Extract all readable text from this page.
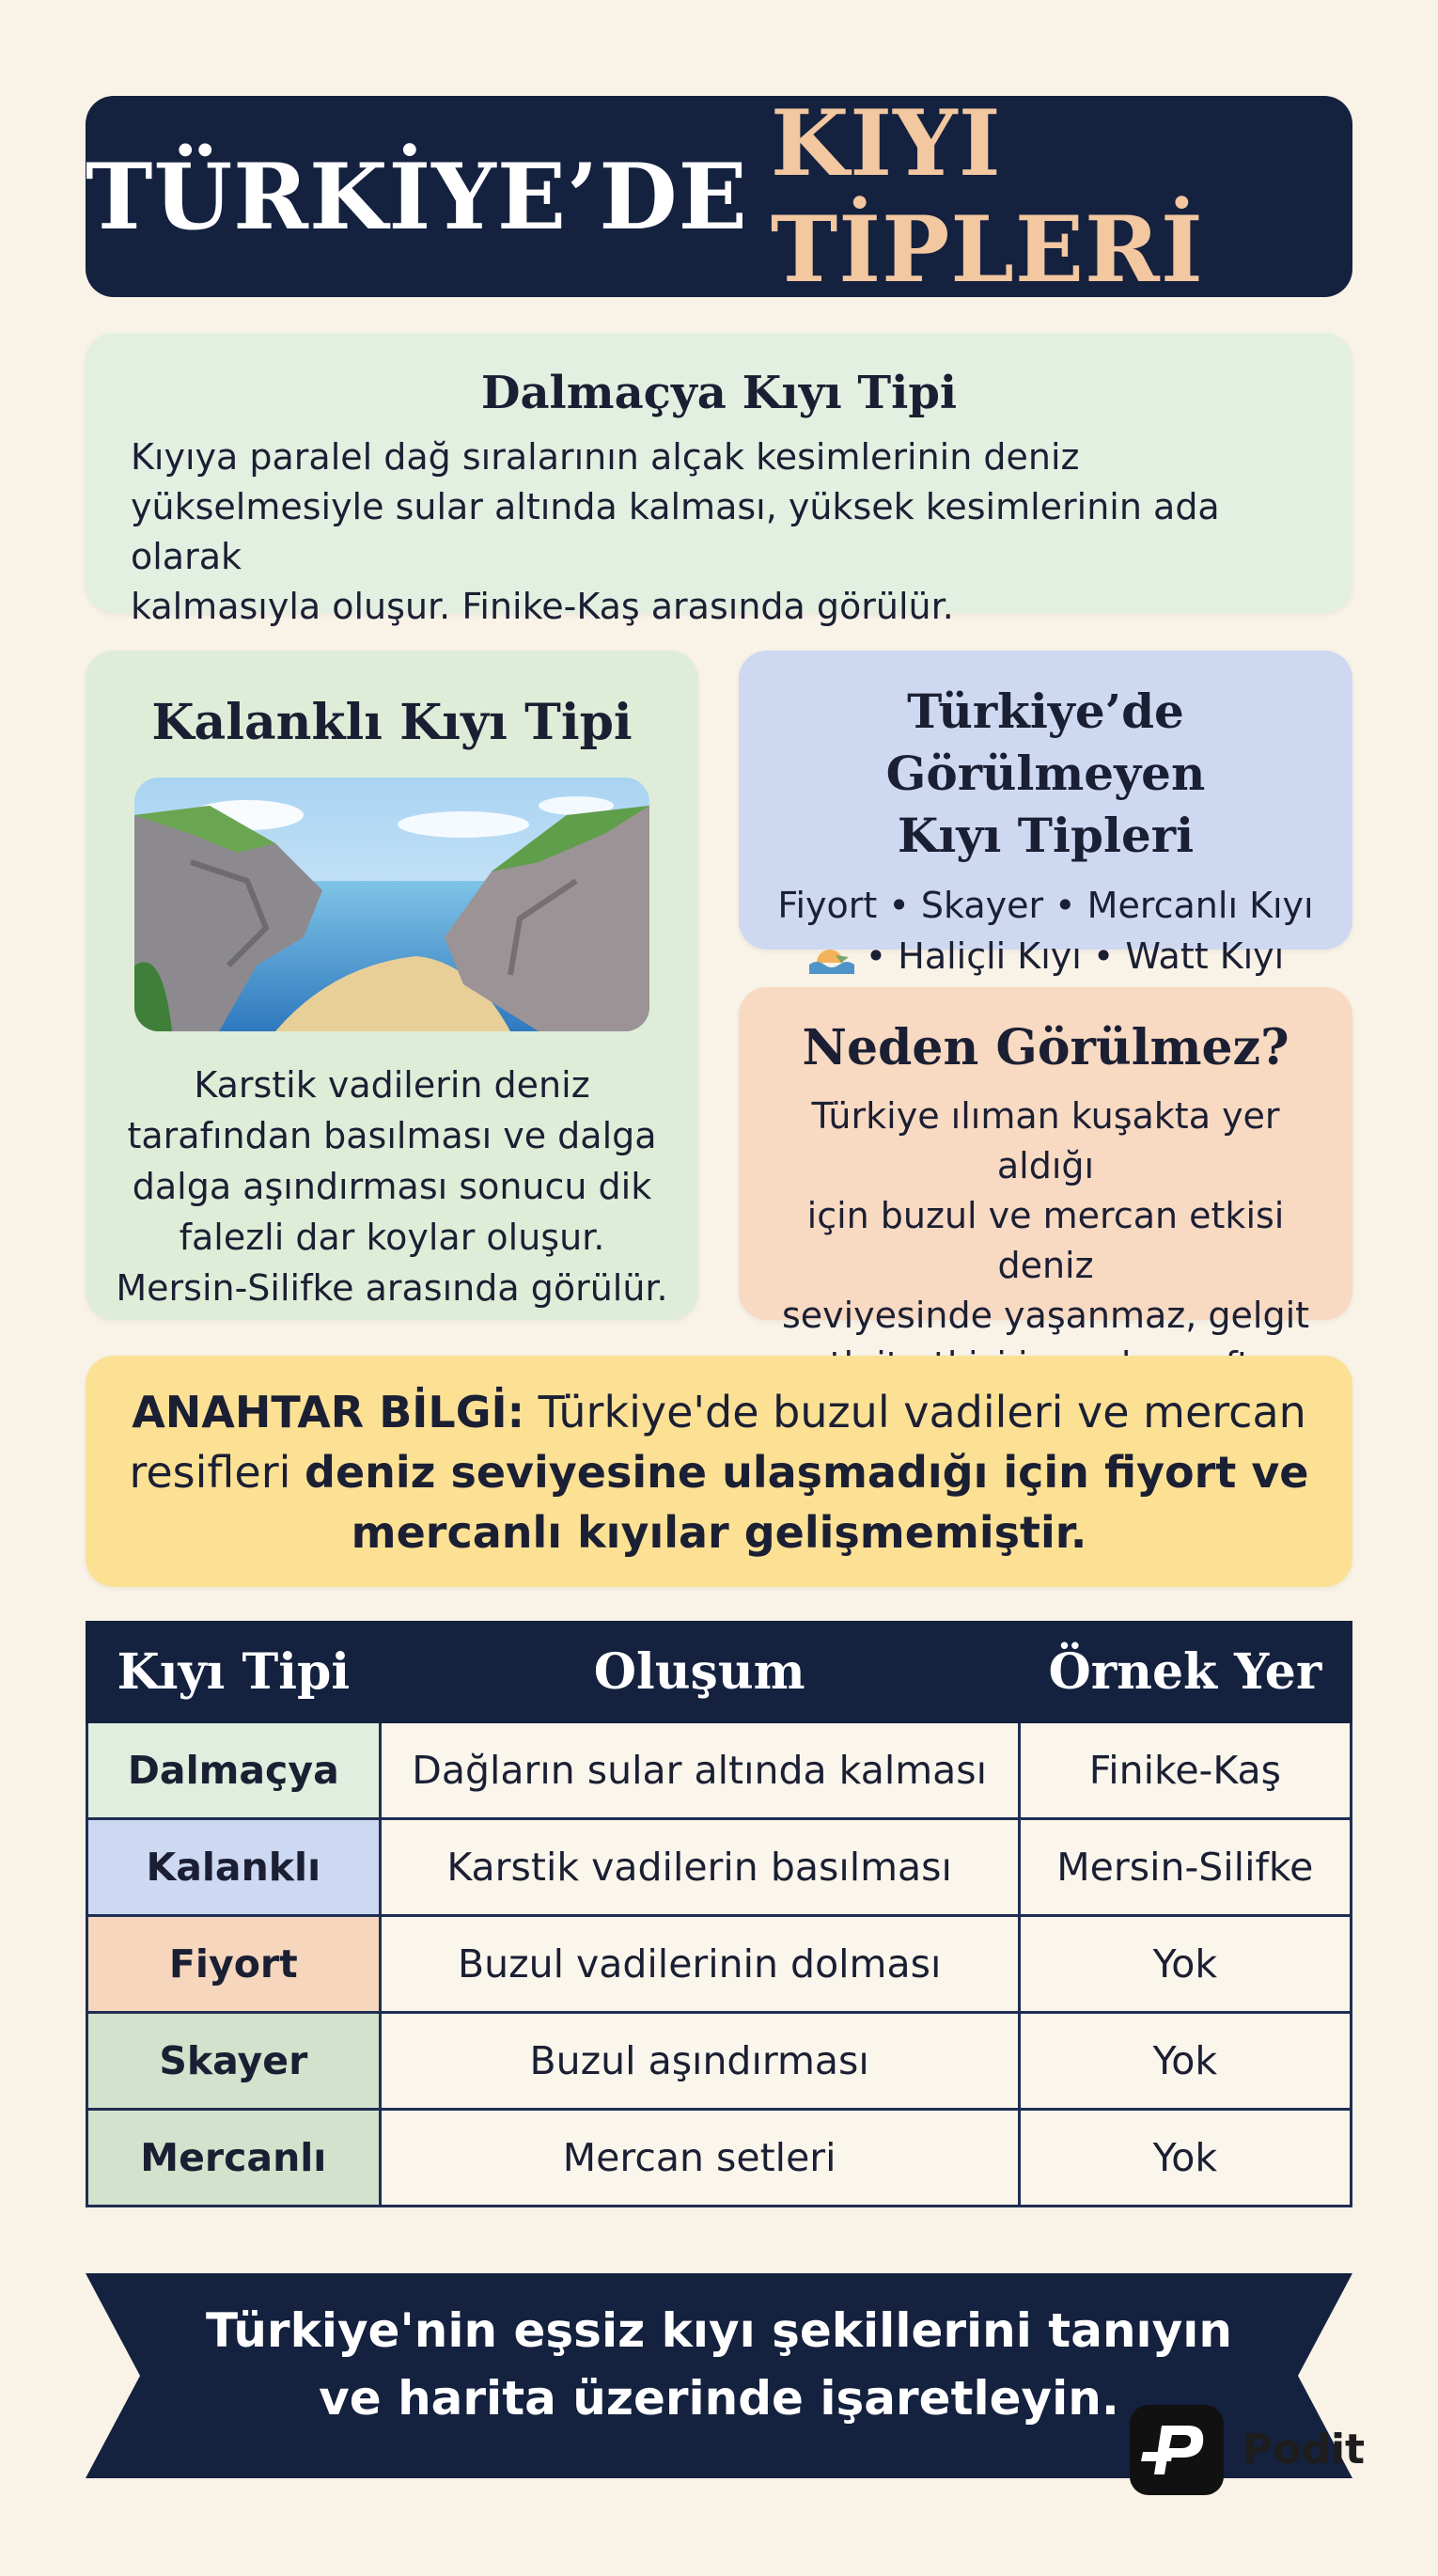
TÜRKİYE’DE KIYI TİPLERİ
Dalmaçya Kıyı Tipi

Kıyıya paralel dağ sıralarının alçak kesimlerinin deniz
yükselmesiyle sular altında kalması, yüksek kesimlerinin ada olarak
kalmasıyla oluşur. Finike-Kaş arasında görülür.

Kalanklı Kıyı Tipi

Karstik vadilerin deniz
tarafından basılması ve dalga
dalga aşındırması sonucu dik
falezli dar koylar oluşur.
Mersin-Silifke arasında görülür.

Türkiye’de Görülmeyen
Kıyı Tipleri
Fiyort • Skayer • Mercanlı Kıyı
• Haliçli Kıyı • Watt Kıyı
Neden Görülmez?

Türkiye ılıman kuşakta yer aldığı
için buzul ve mercan etkisi deniz
seviyesinde yaşanmaz, gelgit

ANAHTAR BİLGİ: Türkiye'de buzul vadileri ve mercan
resifleri deniz seviyesine ulaşmadığı için fiyort ve
mercanlı kıyılar gelişmemiştir.
Kıyı Tipi	Oluşum	Örnek Yer
Dalmaçya	Dağların sular altında kalması	Finike-Kaş
Kalanklı	Karstik vadilerin basılması	Mersin-Silifke
Fiyort	Buzul vadilerinin dolması	Yok
Skayer	Buzul aşındırması	Yok
Mercanlı	Mercan setleri	Yok
Türkiye'nin eşsiz kıyı şekillerini tanıyın
ve harita üzerinde işaretleyin.
Podit
